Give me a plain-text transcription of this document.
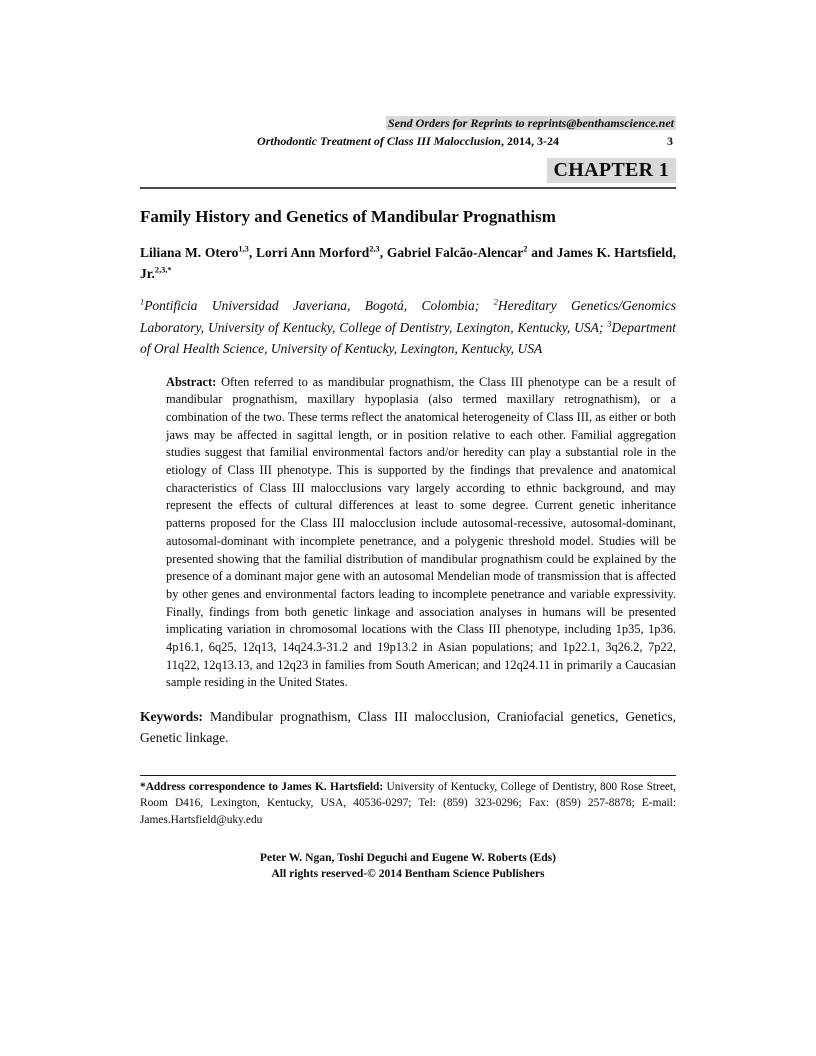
Send Orders for Reprints to reprints@benthamscience.net
Orthodontic Treatment of Class III Malocclusion, 2014, 3-24	3
CHAPTER 1
Family History and Genetics of Mandibular Prognathism

Liliana M. Otero$^{1,3}$, Lorri Ann Morford$^{2,3}$, Gabriel Falcão-Alencar$^2$ and James K. Hartsfield, Jr.$^{2,3,*}$

$^1$Pontificia Universidad Javeriana, Bogotá, Colombia; $^2$Hereditary Genetics/Genomics Laboratory, University of Kentucky, College of Dentistry, Lexington, Kentucky, USA; $^3$Department of Oral Health Science, University of Kentucky, Lexington, Kentucky, USA

Abstract: Often referred to as mandibular prognathism, the Class III phenotype can be a result of mandibular prognathism, maxillary hypoplasia (also termed maxillary retrognathism), or a combination of the two. These terms reflect the anatomical heterogeneity of Class III, as either or both jaws may be affected in sagittal length, or in position relative to each other. Familial aggregation studies suggest that familial environmental factors and/or heredity can play a substantial role in the etiology of Class III phenotype. This is supported by the findings that prevalence and anatomical characteristics of Class III malocclusions vary largely according to ethnic background, and may represent the effects of cultural differences at least to some degree. Current genetic inheritance patterns proposed for the Class III malocclusion include autosomal-recessive, autosomal-dominant, autosomal-dominant with incomplete penetrance, and a polygenic threshold model. Studies will be presented showing that the familial distribution of mandibular prognathism could be explained by the presence of a dominant major gene with an autosomal Mendelian mode of transmission that is affected by other genes and environmental factors leading to incomplete penetrance and variable expressivity. Finally, findings from both genetic linkage and association analyses in humans will be presented implicating variation in chromosomal locations with the Class III phenotype, including 1p35, 1p36. 4p16.1, 6q25, 12q13, 14q24.3-31.2 and 19p13.2 in Asian populations; and 1p22.1, 3q26.2, 7p22, 11q22, 12q13.13, and 12q23 in families from South American; and 12q24.11 in primarily a Caucasian sample residing in the United States.

Keywords: Mandibular prognathism, Class III malocclusion, Craniofacial genetics, Genetics, Genetic linkage.

*Address correspondence to James K. Hartsfield: University of Kentucky, College of Dentistry, 800 Rose Street, Room D416, Lexington, Kentucky, USA, 40536-0297; Tel: (859) 323-0296; Fax: (859) 257-8878; E-mail: James.Hartsfield@uky.edu

Peter W. Ngan, Toshi Deguchi and Eugene W. Roberts (Eds)
All rights reserved-© 2014 Bentham Science Publishers
